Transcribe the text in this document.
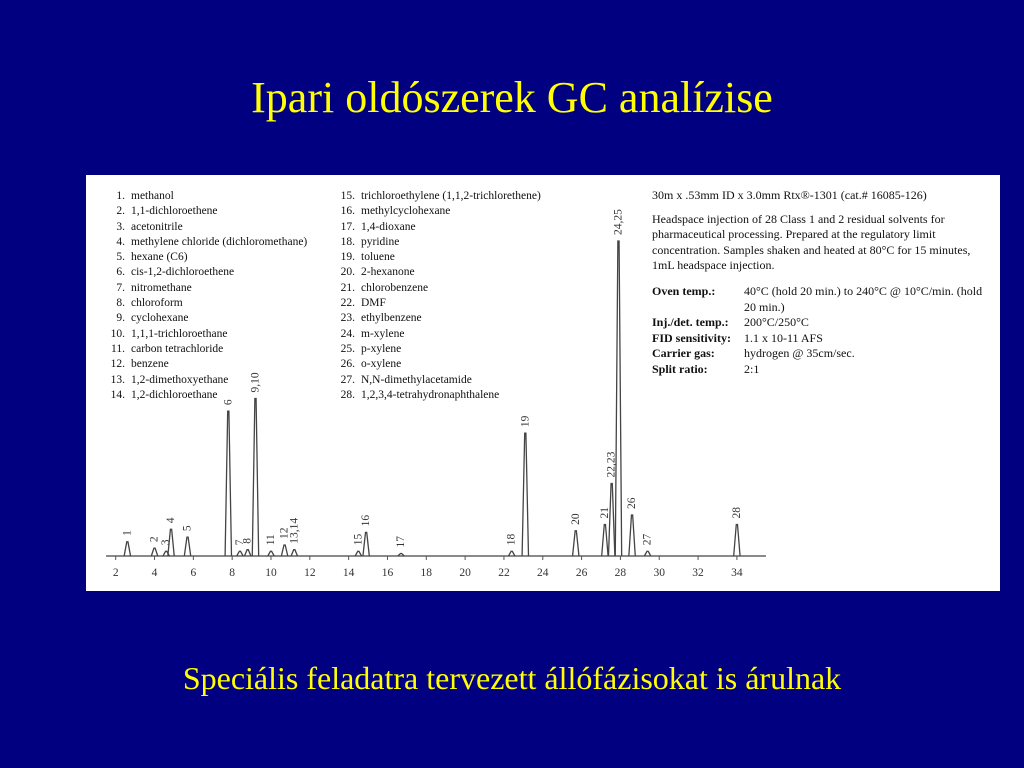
Ipari oldószerek GC analízise
1
2
3
4
5
6
7
8
9,10
11
12
13,14	15
16
17	18
19
20
21
22,23
24,25
26
27
28
2	4	6	8	10 12 14 16 18 20 22 24 26 28 30 32 34
1. methanol
2. 1,1-dichloroethene
3. acetonitrile
4. methylene chloride (dichloromethane)
5. hexane (C6)
6. cis-1,2-dichloroethene
7. nitromethane
8. chloroform
9. cyclohexane
10. 1,1,1-trichloroethane
11. carbon tetrachloride
12. benzene
13. 1,2-dimethoxyethane
14. 1,2-dichloroethane
15. trichloroethylene (1,1,2-trichlorethene)
16. methylcyclohexane
17. 1,4-dioxane
18. pyridine
19. toluene
20. 2-hexanone
21. chlorobenzene
22. DMF
23. ethylbenzene
24. m-xylene
25. p-xylene
26. o-xylene
27. N,N-dimethylacetamide
28. 1,2,3,4-tetrahydronaphthalene
30m x .53mm ID x 3.0mm Rtx®-1301 (cat.# 16085-126)
Headspace injection of 28 Class 1 and 2 residual solvents for pharmaceutical processing. Prepared at the regulatory limit concentration. Samples shaken and heated at 80°C for 15 minutes, 1mL headspace injection.
Oven temp.:	40°C (hold 20 min.) to 240°C @ 10°C/min. (hold 20 min.)
Inj./det. temp.:	200°C/250°C
FID sensitivity:	1.1 x 10-11 AFS
Carrier gas:	hydrogen @ 35cm/sec.
Split ratio:	2:1
Speciális feladatra tervezett állófázisokat is árulnak
